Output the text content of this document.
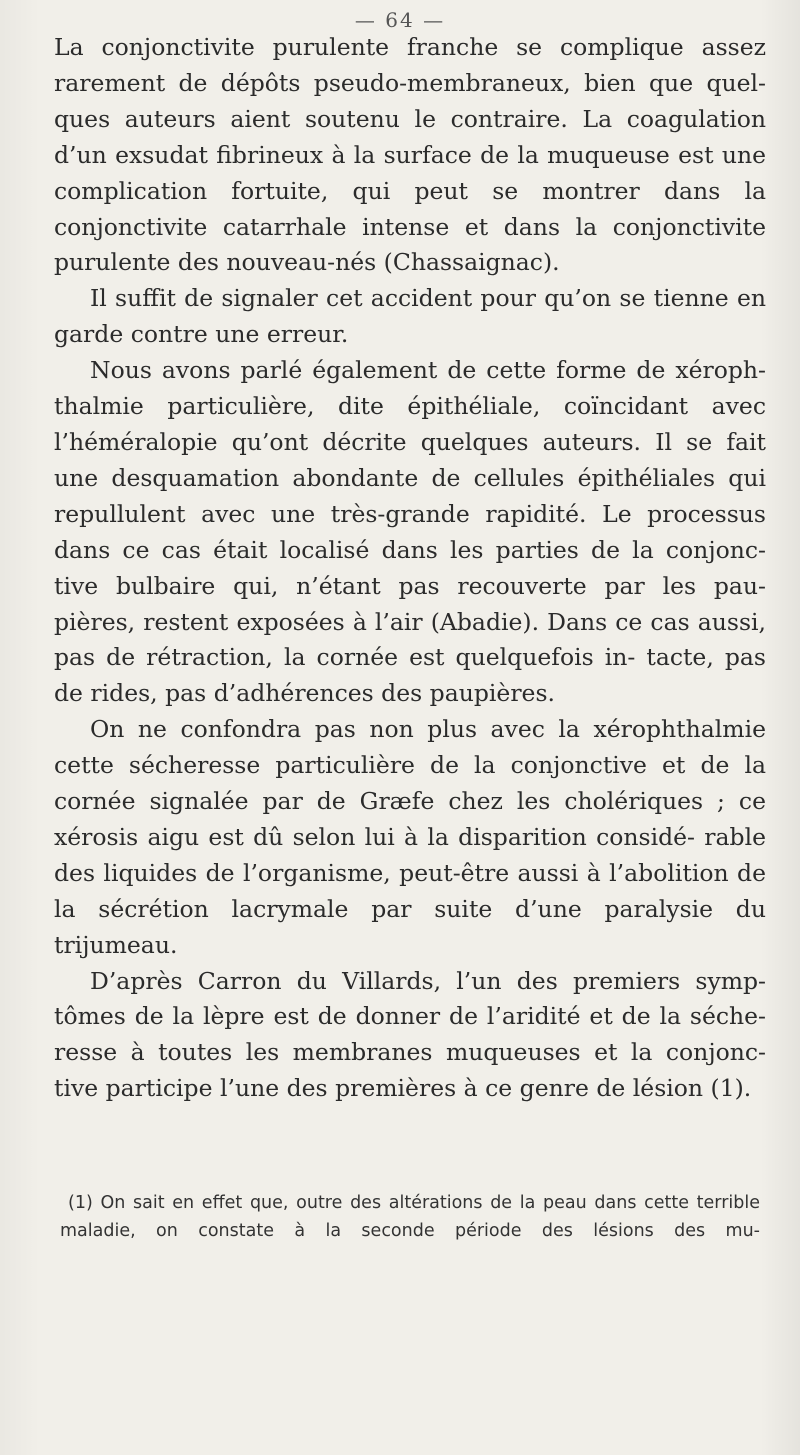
— 64 —

La conjonctivite purulente franche se complique assez rarement de dépôts pseudo-membraneux, bien que quel- ques auteurs aient soutenu le contraire. La coagulation d’un exsudat fibrineux à la surface de la muqueuse est une complication fortuite, qui peut se montrer dans la conjonctivite catarrhale intense et dans la conjonctivite purulente des nouveau-nés (Chassaignac).

Il suffit de signaler cet accident pour qu’on se tienne en garde contre une erreur.

Nous avons parlé également de cette forme de xéroph- thalmie particulière, dite épithéliale, coïncidant avec l’héméralopie qu’ont décrite quelques auteurs. Il se fait une desquamation abondante de cellules épithéliales qui repullulent avec une très-grande rapidité. Le processus dans ce cas était localisé dans les parties de la conjonc- tive bulbaire qui, n’étant pas recouverte par les pau- pières, restent exposées à l’air (Abadie). Dans ce cas aussi, pas de rétraction, la cornée est quelquefois in- tacte, pas de rides, pas d’adhérences des paupières.

On ne confondra pas non plus avec la xérophthalmie cette sécheresse particulière de la conjonctive et de la cornée signalée par de Græfe chez les cholériques ; ce xérosis aigu est dû selon lui à la disparition considé- rable des liquides de l’organisme, peut-être aussi à l’abolition de la sécrétion lacrymale par suite d’une paralysie du trijumeau.

D’après Carron du Villards, l’un des premiers symp- tômes de la lèpre est de donner de l’aridité et de la séche- resse à toutes les membranes muqueuses et la conjonc- tive participe l’une des premières à ce genre de lésion (1).

(1) On sait en effet que, outre des altérations de la peau dans cette terrible maladie, on constate à la seconde période des lésions des mu-
